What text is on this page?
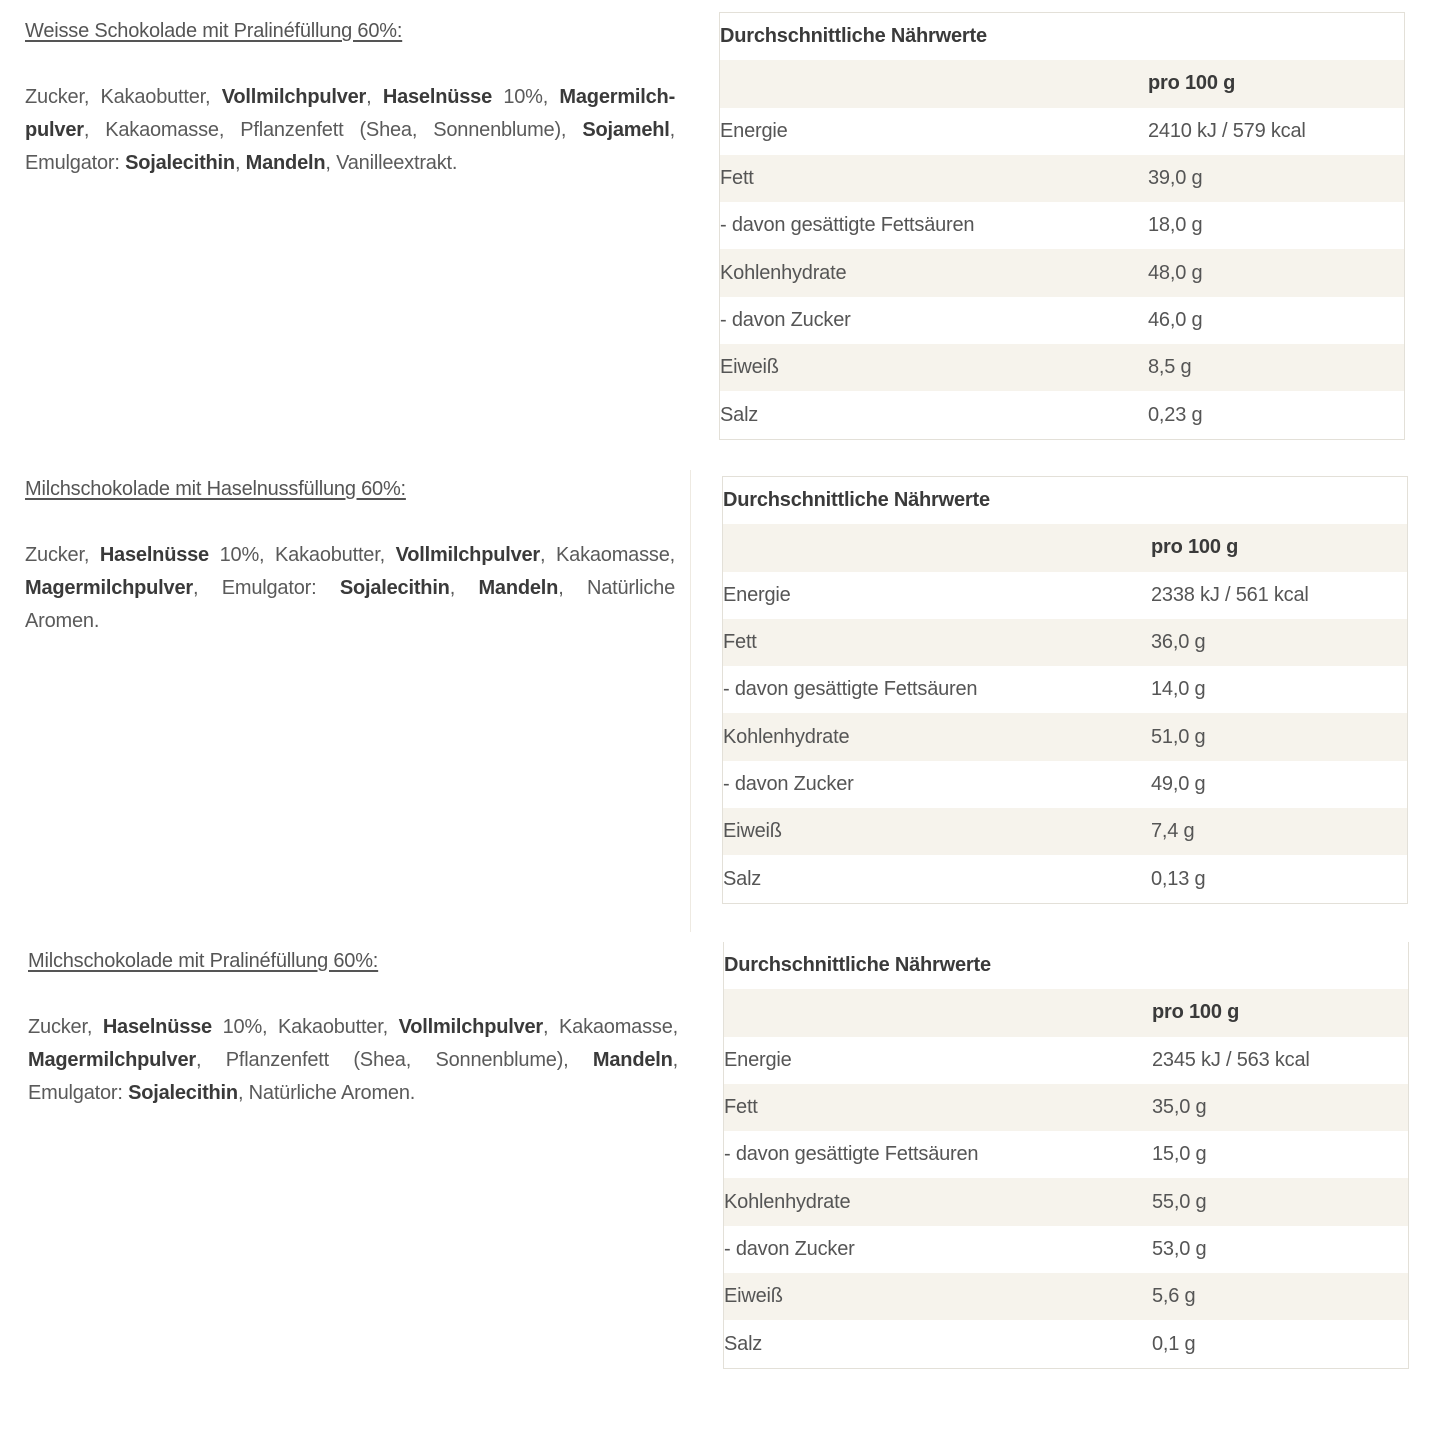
Weisse Schokolade mit Pralinéfüllung 60%:
Zucker, Kakaobutter, Vollmilchpulver, Haselnüsse 10%, Magermilch-pulver, Kakaomasse, Pflanzenfett (Shea, Sonnenblume), Sojamehl, Emulgator: Sojalecithin, Mandeln, Vanilleextrakt.
Durchschnittliche Nährwerte
pro 100 g
Energie	2410 kJ / 579 kcal
Fett	39,0 g
- davon gesättigte Fettsäuren	18,0 g
Kohlenhydrate	48,0 g
- davon Zucker	46,0 g
Eiweiß	8,5 g
Salz	0,23 g
Milchschokolade mit Haselnussfüllung 60%:
Zucker, Haselnüsse 10%, Kakaobutter, Vollmilchpulver, Kakaomasse, Magermilchpulver, Emulgator: Sojalecithin, Mandeln, Natürliche Aromen.
Durchschnittliche Nährwerte
pro 100 g
Energie	2338 kJ / 561 kcal
Fett	36,0 g
- davon gesättigte Fettsäuren	14,0 g
Kohlenhydrate	51,0 g
- davon Zucker	49,0 g
Eiweiß	7,4 g
Salz	0,13 g
Milchschokolade mit Pralinéfüllung 60%:
Zucker, Haselnüsse 10%, Kakaobutter, Vollmilchpulver, Kakaomasse, Magermilchpulver, Pflanzenfett (Shea, Sonnenblume), Mandeln, Emulgator: Sojalecithin, Natürliche Aromen.
Durchschnittliche Nährwerte
pro 100 g
Energie	2345 kJ / 563 kcal
Fett	35,0 g
- davon gesättigte Fettsäuren	15,0 g
Kohlenhydrate	55,0 g
- davon Zucker	53,0 g
Eiweiß	5,6 g
Salz	0,1 g
